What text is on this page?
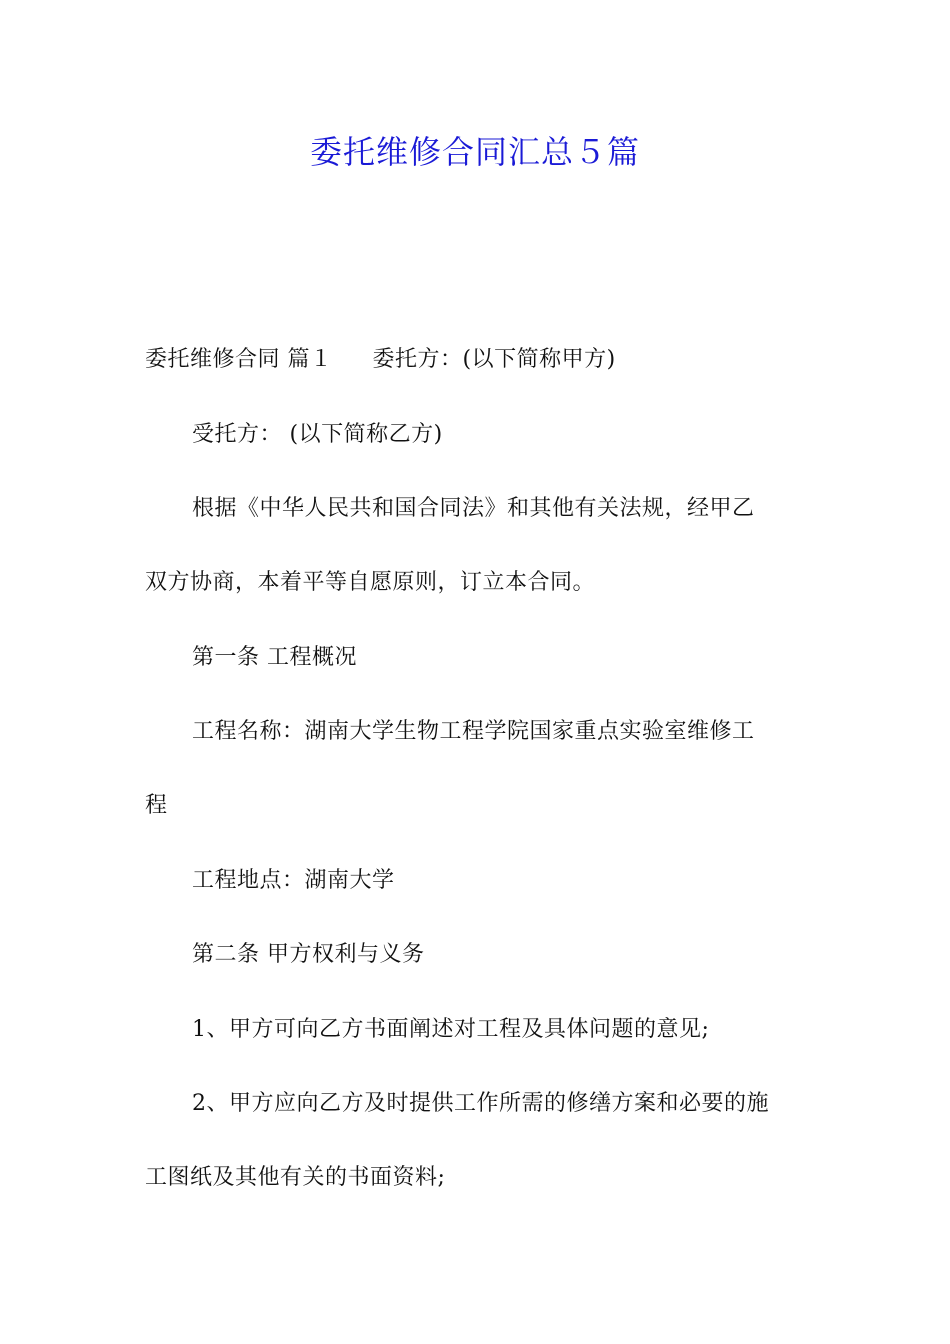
委托维修合同汇总５篇
委托维修合同 篇１ 委托方：(以下简称甲方)
受托方： (以下简称乙方)
根据《中华人民共和国合同法》和其他有关法规，经甲乙
双方协商，本着平等自愿原则，订立本合同。
第一条 工程概况
工程名称：湖南大学生物工程学院国家重点实验室维修工
程
工程地点：湖南大学
第二条 甲方权利与义务
1、甲方可向乙方书面阐述对工程及具体问题的意见;
2、甲方应向乙方及时提供工作所需的修缮方案和必要的施
工图纸及其他有关的书面资料;
